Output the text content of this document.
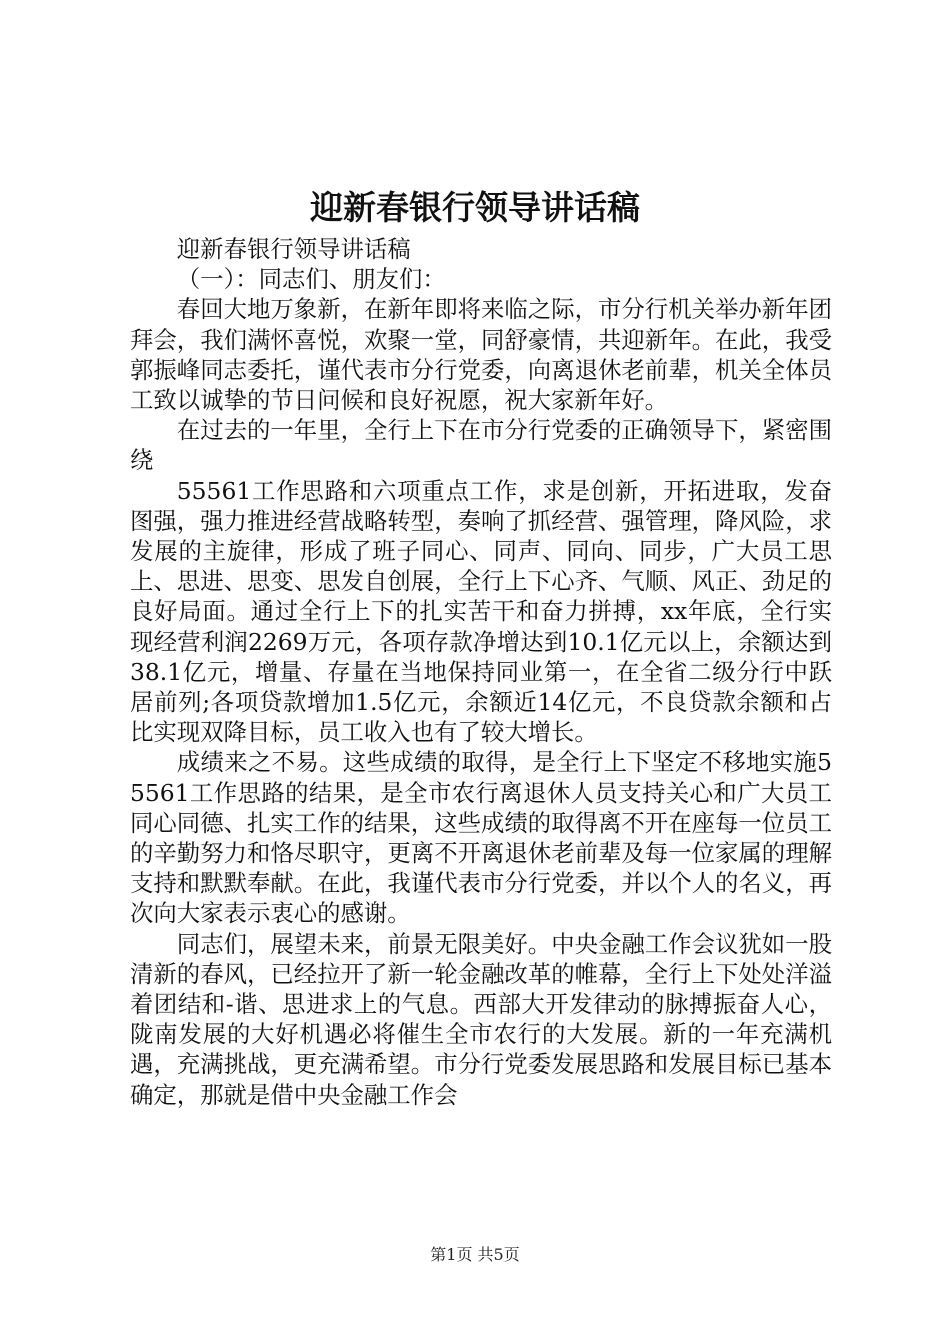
迎新春银行领导讲话稿

迎新春银行领导讲话稿

（一）：同志们、朋友们：

春回大地万象新，在新年即将来临之际，市分行机关举办新年团拜会，我们满怀喜悦，欢聚一堂，同舒豪情，共迎新年。在此，我受郭振峰同志委托，谨代表市分行党委，向离退休老前辈，机关全体员工致以诚挚的节日问候和良好祝愿，祝大家新年好。

在过去的一年里，全行上下在市分行党委的正确领导下，紧密围绕

55561工作思路和六项重点工作，求是创新，开拓进取，发奋图强，强力推进经营战略转型，奏响了抓经营、强管理，降风险，求发展的主旋律，形成了班子同心、同声、同向、同步，广大员工思上、思进、思变、思发自创展，全行上下心齐、气顺、风正、劲足的良好局面。通过全行上下的扎实苦干和奋力拼搏，xx年底，全行实现经营利润2269万元，各项存款净增达到10.1亿元以上，余额达到38.1亿元，增量、存量在当地保持同业第一，在全省二级分行中跃居前列;各项贷款增加1.5亿元，余额近14亿元，不良贷款余额和占比实现双降目标，员工收入也有了较大增长。

成绩来之不易。这些成绩的取得，是全行上下坚定不移地实施55561工作思路的结果，是全市农行离退休人员支持关心和广大员工同心同德、扎实工作的结果，这些成绩的取得离不开在座每一位员工的辛勤努力和恪尽职守，更离不开离退休老前辈及每一位家属的理解支持和默默奉献。在此，我谨代表市分行党委，并以个人的名义，再次向大家表示衷心的感谢。

同志们，展望未来，前景无限美好。中央金融工作会议犹如一股清新的春风，已经拉开了新一轮金融改革的帷幕，全行上下处处洋溢着团结和-谐、思进求上的气息。西部大开发律动的脉搏振奋人心，陇南发展的大好机遇必将催生全市农行的大发展。新的一年充满机遇，充满挑战，更充满希望。市分行党委发展思路和发展目标已基本确定，那就是借中央金融工作会

第1页 共5页
